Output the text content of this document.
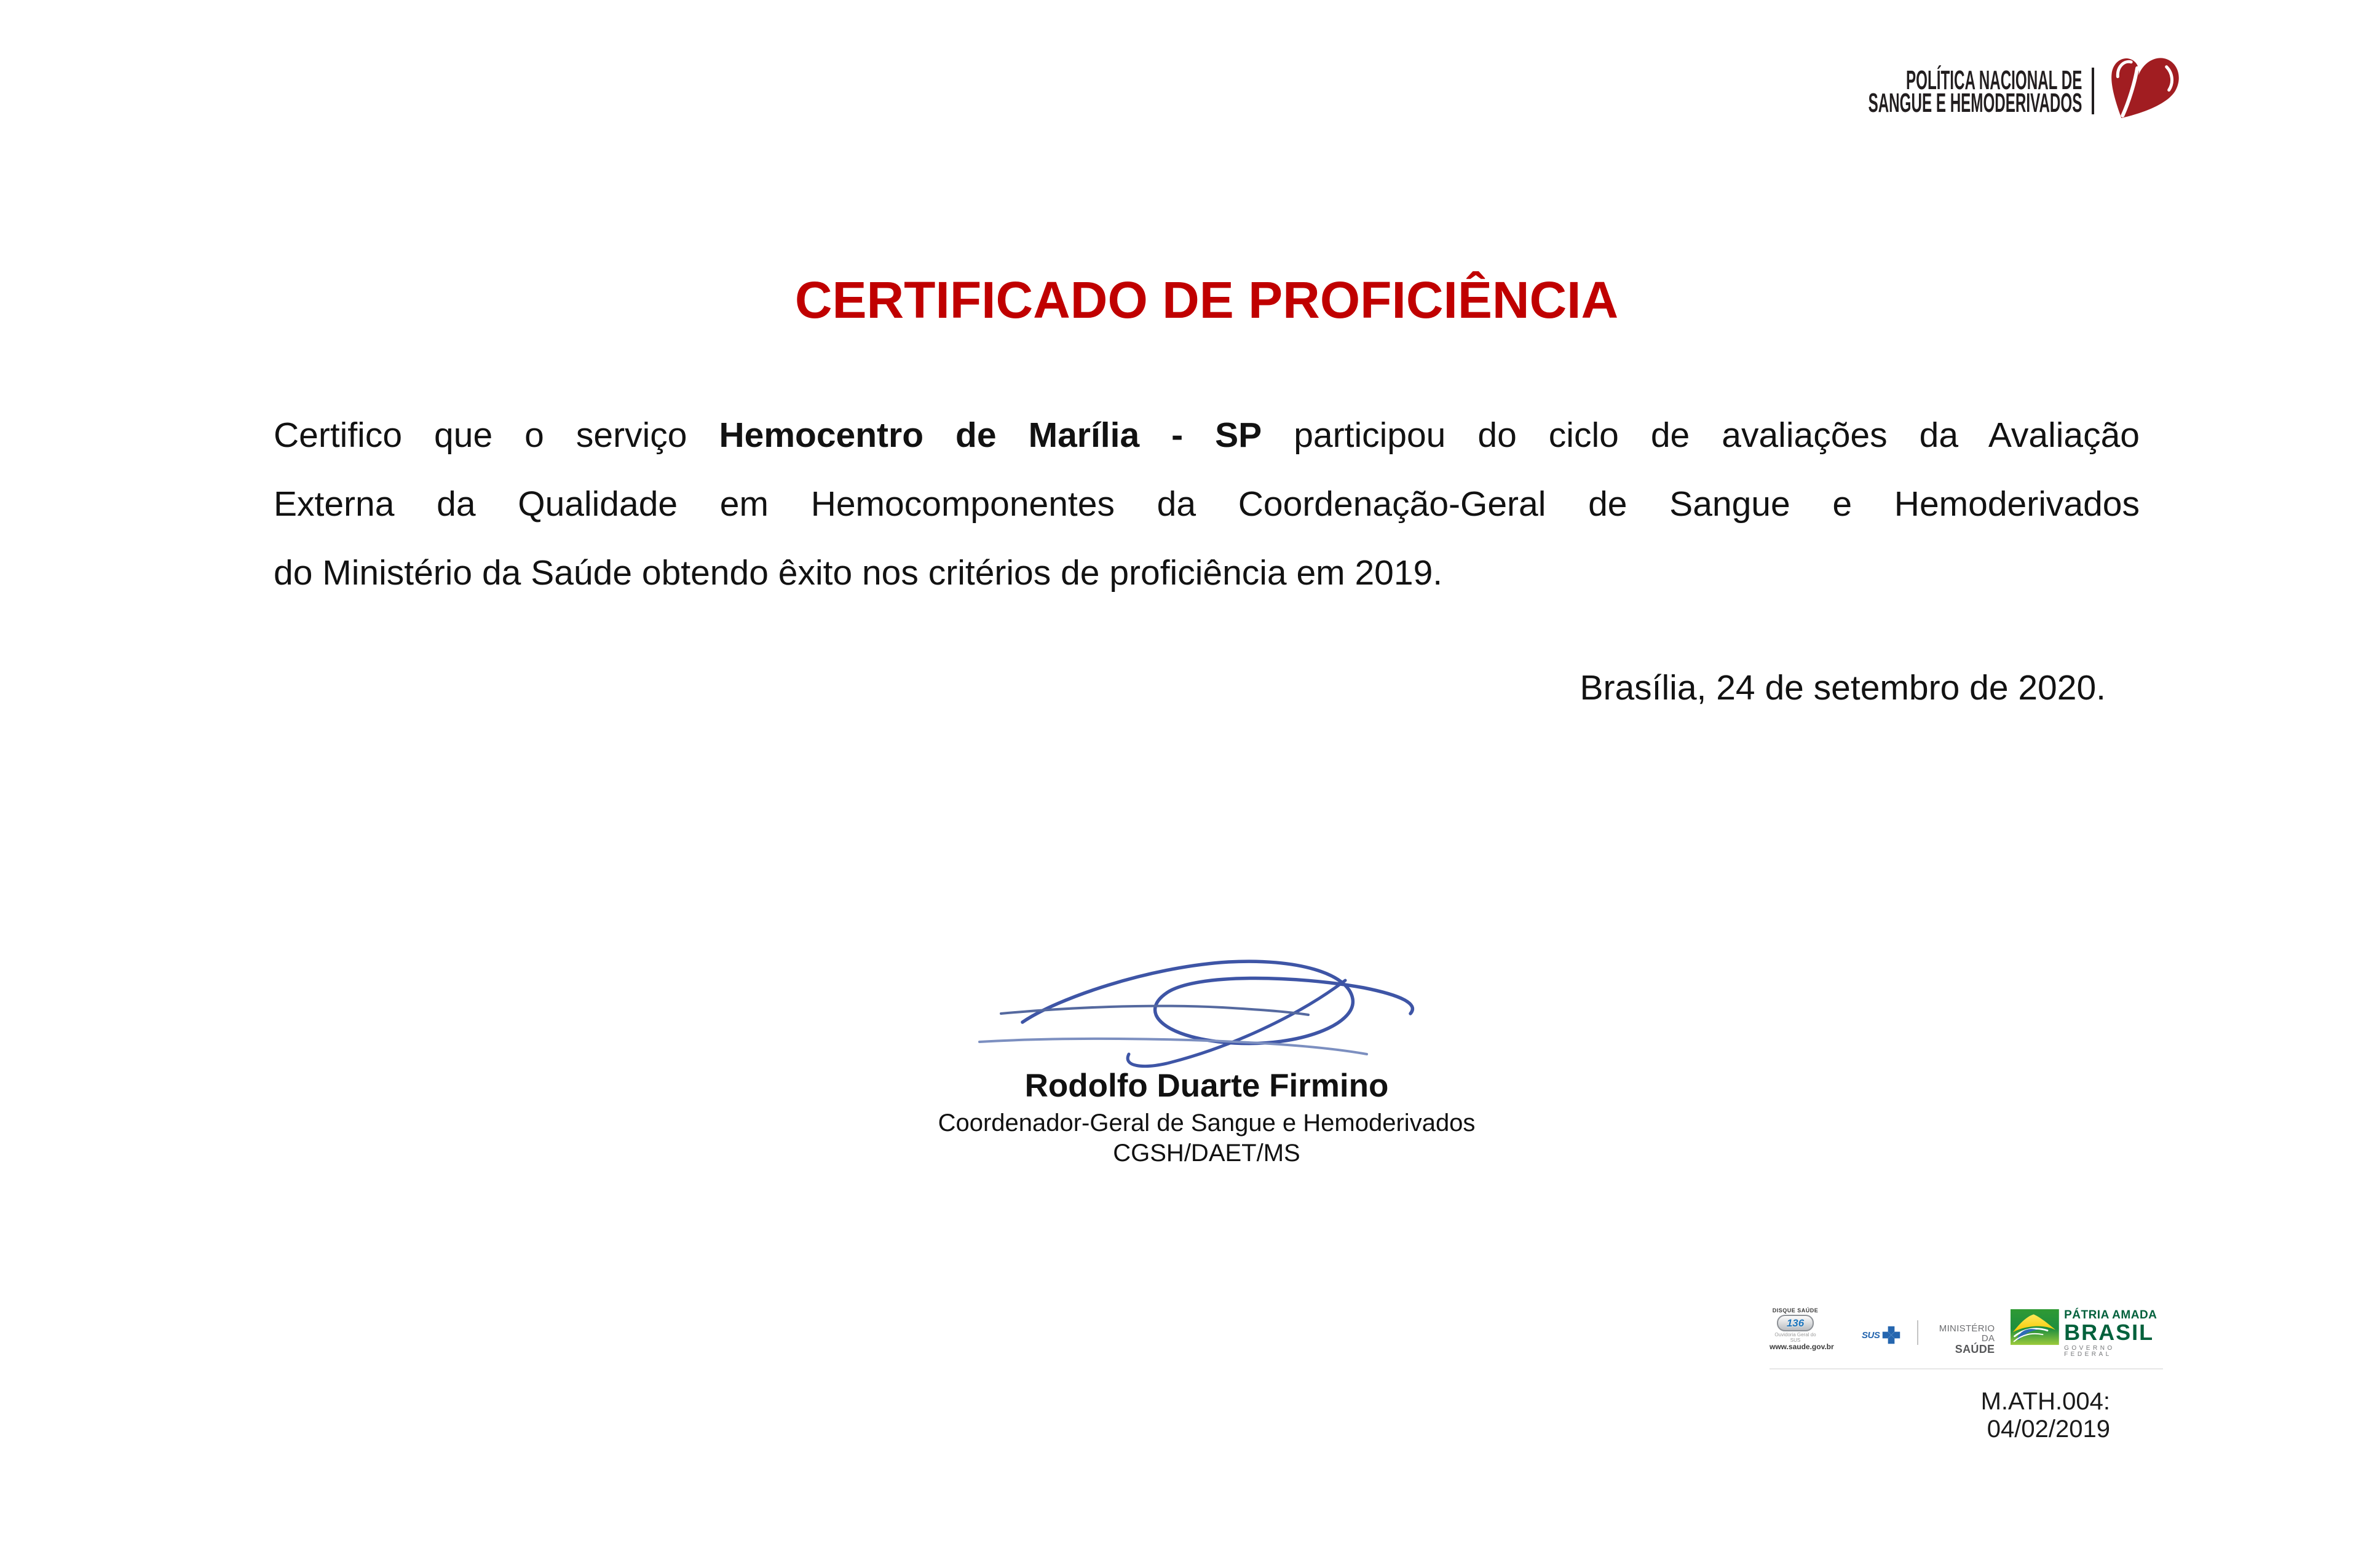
POLÍTICA NACIONAL DE
SANGUE E HEMODERIVADOS
CERTIFICADO DE PROFICIÊNCIA
Certifico que o serviço Hemocentro de Marília - SP participou do ciclo de avaliações da Avaliação
Externa da Qualidade em Hemocomponentes da Coordenação-Geral de Sangue e Hemoderivados
do Ministério da Saúde obtendo êxito nos critérios de proficiência em 2019.
Brasília, 24 de setembro de 2020.
Rodolfo Duarte Firmino
Coordenador-Geral de Sangue e Hemoderivados
CGSH/DAET/MS
DISQUE SAÚDE
136
Ouvidoria Geral do SUS
www.saude.gov.br
SUS
MINISTÉRIO DA
SAÚDE
PÁTRIA AMADA
BRASIL
GOVERNO FEDERAL
M.ATH.004: 04/02/2019
